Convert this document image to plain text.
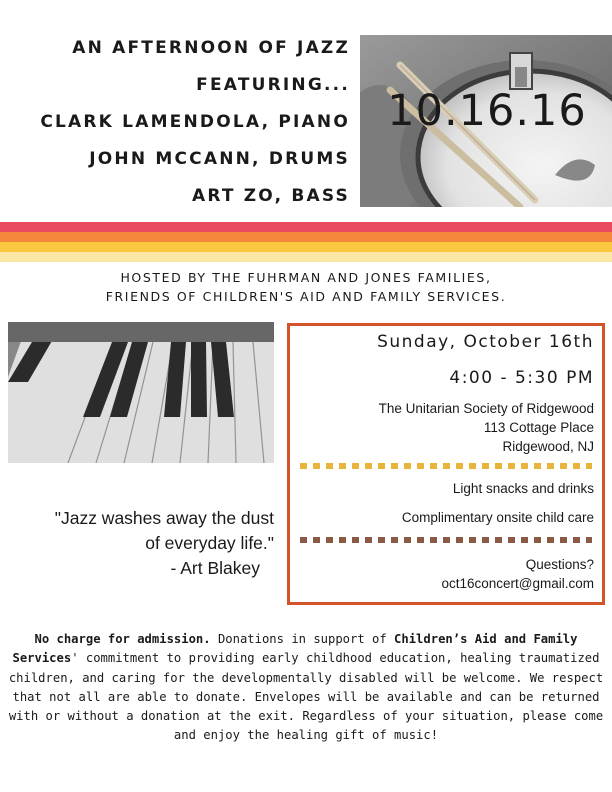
AN AFTERNOON OF JAZZ
FEATURING...
CLARK LAMENDOLA, PIANO
JOHN MCCANN, DRUMS
ART ZO, BASS
10.16.16
HOSTED BY THE FUHRMAN AND JONES FAMILIES,
FRIENDS OF CHILDREN'S AID AND FAMILY SERVICES.
"Jazz washes away the dust
of everyday life."
- Art Blakey
Sunday, October 16th
4:00 - 5:30 PM
The Unitarian Society of Ridgewood
113 Cottage Place
Ridgewood, NJ
Light snacks and drinks
Complimentary onsite child care
Questions?
oct16concert@gmail.com
No charge for admission. Donations in support of Children’s Aid and Family Services' commitment to providing early childhood education, healing traumatized children, and caring for the developmentally disabled will be welcome. We respect that not all are able to donate. Envelopes will be available and can be returned with or without a donation at the exit. Regardless of your situation, please come and enjoy the healing gift of music!
